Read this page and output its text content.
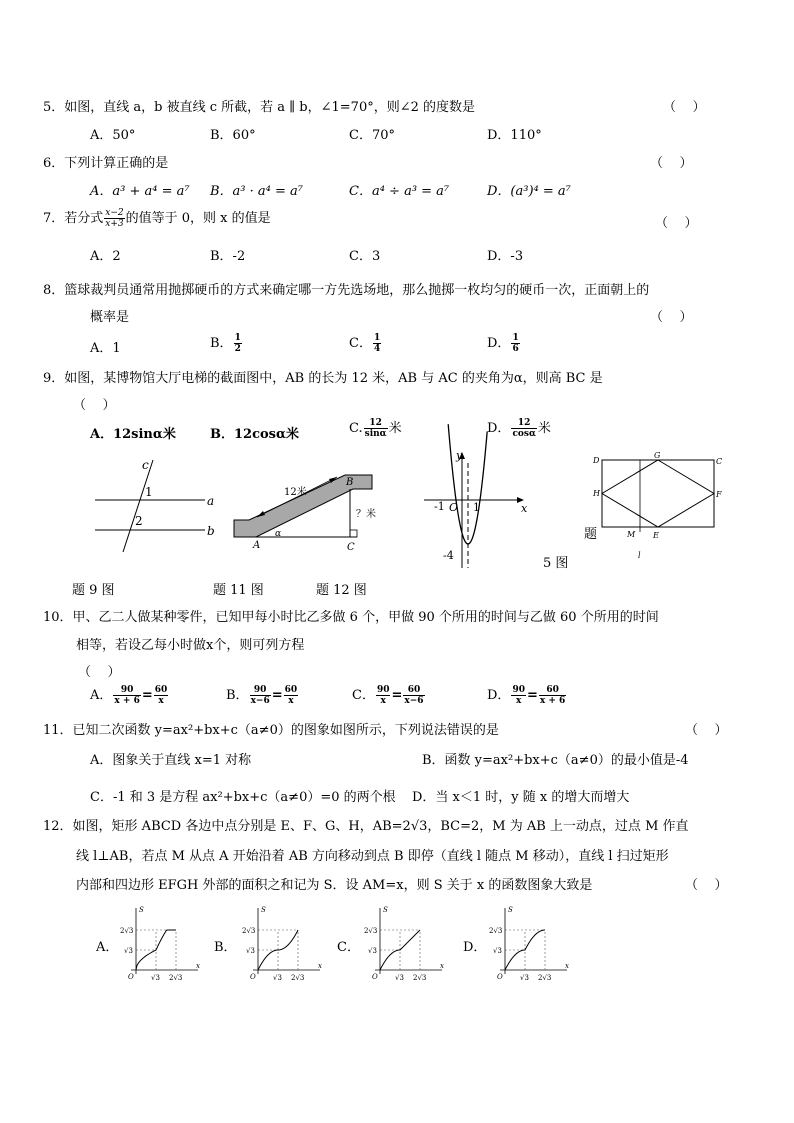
5．如图，直线 a，b 被直线 c 所截，若 a ∥ b，∠1=70°，则∠2 的度数是	（    ）
A．50°	B．60°	C．70°	D．110°
6．下列计算正确的是	（    ）
A．a³ + a⁴ = a⁷ B．a³ · a⁴ = a⁷	C．a⁴ ÷ a³ = a⁷	D．(a³)⁴ = a⁷
7．若分式 $\frac{x-2}{x+3}$ 的值等于 0，则 x 的值是	（    ）
A．2	B．-2	C．3	D．-3
8．篮球裁判员通常用抛掷硬币的方式来确定哪一方先选场地，那么抛掷一枚均匀的硬币一次，正面朝上的
概率是	（    ）
A．1	B． $\frac{1}{2}$	C． $\frac{1}{4}$	D． $\frac{1}{6}$
9．如图，某博物馆大厅电梯的截面图中，AB 的长为 12 米，AB 与 AC 的夹角为α，则高 BC 是
（    ）
A．12sinα米	B．12cosα米	C. $\frac{12}{\sin\alpha}$ 米	D． $\frac{12}{\cos\alpha}$ 米
c
1
2
a
b
12米
B
A	C
α
？米
y
x
-1 O 1
-4
D
G
C
H	F
M E
l
题
题 9 图	题 11 图	题 12 图
5 图
10．甲、乙二人做某种零件，已知甲每小时比乙多做 6 个，甲做 90 个所用的时间与乙做 60 个所用的时间
相等，若设乙每小时做x个，则可列方程
（    ）
A． $\frac{90}{x + 6} = \frac{60}{x}$	B． $\frac{90}{x-6} = \frac{60}{x}$	C． $\frac{90}{x} = \frac{60}{x-6}$	D． $\frac{90}{x} = \frac{60}{x + 6}$
11．已知二次函数 y=ax²+bx+c（a≠0）的图象如图所示，下列说法错误的是	（    ）
A．图象关于直线 x=1 对称	B．函数 y=ax²+bx+c（a≠0）的最小值是-4
C．-1 和 3 是方程 ax²+bx+c（a≠0）=0 的两个根 D．当 x＜1 时，y 随 x 的增大而增大
12．如图，矩形 ABCD 各边中点分别是 E、F、G、H，AB=2√3，BC=2，M 为 AB 上一动点，过点 M 作直
线 l⊥AB，若点 M 从点 A 开始沿着 AB 方向移动到点 B 即停（直线 l 随点 M 移动），直线 l 扫过矩形
内部和四边形 EFGH 外部的面积之和记为 S．设 AM=x，则 S 关于 x 的函数图象大致是	（    ）
A．	B．	C．	D．
S
x
O
2√3
√3
√3 2√3
S
x
O
2√3
√3
√3 2√3
S
x
O
2√3
√3
√3 2√3
S
x
O
2√3
√3
√3 2√3
